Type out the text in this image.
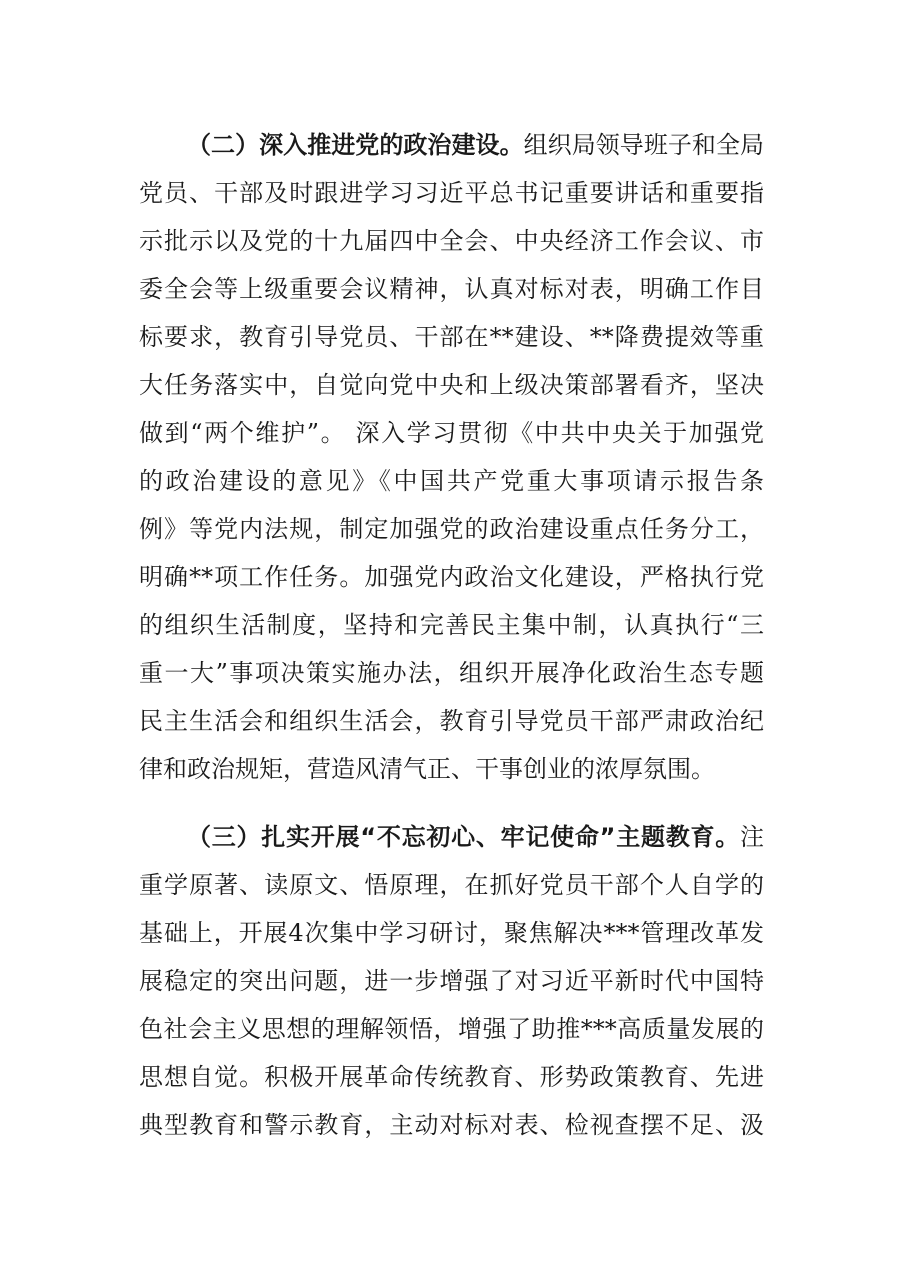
（二）深入推进党的政治建设。组织局领导班子和全局
党员、干部及时跟进学习习近平总书记重要讲话和重要指
示批示以及党的十九届四中全会、中央经济工作会议、市
委全会等上级重要会议精神，认真对标对表，明确工作目
标要求，教育引导党员、干部在**建设、**降费提效等重
大任务落实中，自觉向党中央和上级决策部署看齐，坚决
做到“两个维护”。 深入学习贯彻《中共中央关于加强党
的政治建设的意见》《中国共产党重大事项请示报告条
例》等党内法规，制定加强党的政治建设重点任务分工，
明确**项工作任务。加强党内政治文化建设，严格执行党
的组织生活制度，坚持和完善民主集中制，认真执行“三
重一大”事项决策实施办法，组织开展净化政治生态专题
民主生活会和组织生活会，教育引导党员干部严肃政治纪
律和政治规矩，营造风清气正、干事创业的浓厚氛围。
（三）扎实开展“不忘初心、牢记使命”主题教育。注
重学原著、读原文、悟原理，在抓好党员干部个人自学的
基础上，开展4次集中学习研讨，聚焦解决***管理改革发
展稳定的突出问题，进一步增强了对习近平新时代中国特
色社会主义思想的理解领悟，增强了助推***高质量发展的
思想自觉。积极开展革命传统教育、形势政策教育、先进
典型教育和警示教育，主动对标对表、检视查摆不足、汲
